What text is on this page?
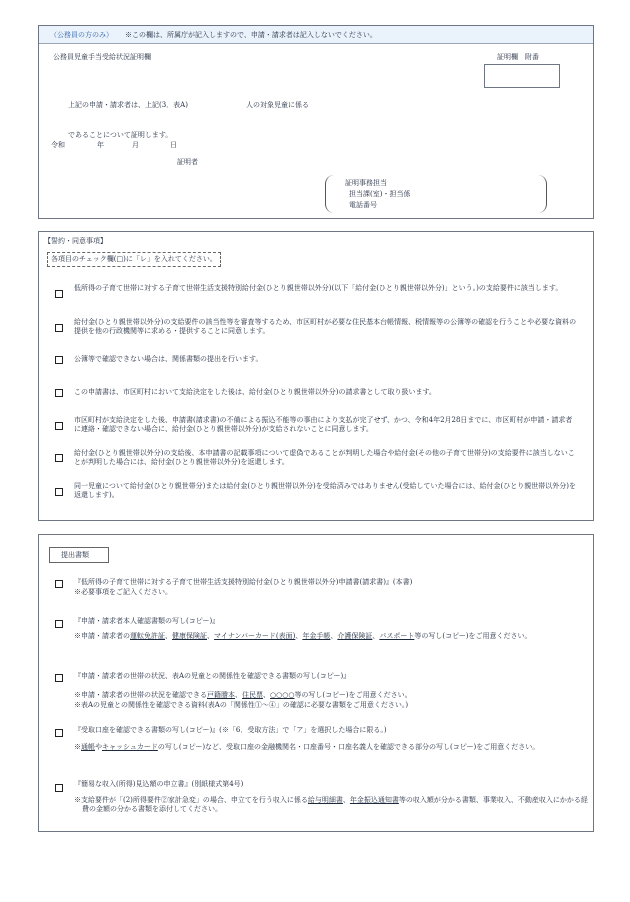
（公務員の方のみ） ※この欄は、所属庁が記入しますので、申請・請求者は記入しないでください。
公務員児童手当受給状況証明欄	証明欄　附番
上記の申請・請求者は、上記(3．表A)	人の対象児童に係る
であることについて証明します。
令和	年	月	日
証明者
証明事務担当
担当課(室)・担当係
電話番号
【誓約・同意事項】
各項目のチェック欄(□)に「レ」を入れてください。
低所得の子育て世帯に対する子育て世帯生活支援特別給付金(ひとり親世帯以外分)(以下「給付金(ひとり親世帯以外分)」という。)の支給要件に該当します。
給付金(ひとり親世帯以外分)の支給要件の該当性等を審査等するため、市区町村が必要な住民基本台帳情報、税情報等の公簿等の確認を行うことや必要な資料の提供を他の行政機関等に求める・提供することに同意します。
公簿等で確認できない場合は、関係書類の提出を行います。
この申請書は、市区町村において支給決定をした後は、給付金(ひとり親世帯以外分)の請求書として取り扱います。
市区町村が支給決定をした後、申請書(請求書)の不備による振込不能等の事由により支払が完了せず、かつ、令和4年2月28日までに、市区町村が申請・請求者に連絡・確認できない場合に、給付金(ひとり親世帯以外分)が支給されないことに同意します。
給付金(ひとり親世帯以外分)の支給後、本申請書の記載事項について虚偽であることが判明した場合や給付金(その他の子育て世帯分)の支給要件に該当しないことが判明した場合には、給付金(ひとり親世帯以外分)を返還します。
同一児童について給付金(ひとり親世帯分)または給付金(ひとり親世帯以外分)を受給済みではありません(受給していた場合には、給付金(ひとり親世帯以外分)を返還します)。
提出書類
『低所得の子育て世帯に対する子育て世帯生活支援特別給付金(ひとり親世帯以外分)申請書(請求書)』(本書)
※必要事項をご記入ください。
『申請・請求者本人確認書類の写し(コピー)』
※申請・請求者の運転免許証、健康保険証、マイナンバーカード(表面)、年金手帳、介護保険証、パスポート等の写し(コピー)をご用意ください。
『申請・請求者の世帯の状況、表Aの児童との関係性を確認できる書類の写し(コピー)』
※申請・請求者の世帯の状況を確認できる戸籍謄本、住民票、○○○○等の写し(コピー)をご用意ください。
※表Aの児童との関係性を確認できる資料(表Aの「関係性①～④」の確認に必要な書類をご用意ください。)
『受取口座を確認できる書類の写し(コピー)』(※「6．受取方法」で「ア」を選択した場合に限る。)
※通帳やキャッシュカードの写し(コピー)など、受取口座の金融機関名・口座番号・口座名義人を確認できる部分の写し(コピー)をご用意ください。
『簡易な収入(所得)見込額の申立書』(別紙様式第4号)
※支給要件が「(2)所得要件②家計急変」の場合、申立てを行う収入に係る給与明細書、年金振込通知書等の収入額が分かる書類、事業収入、不動産収入にかかる経費の金額の分かる書類を添付してください。
